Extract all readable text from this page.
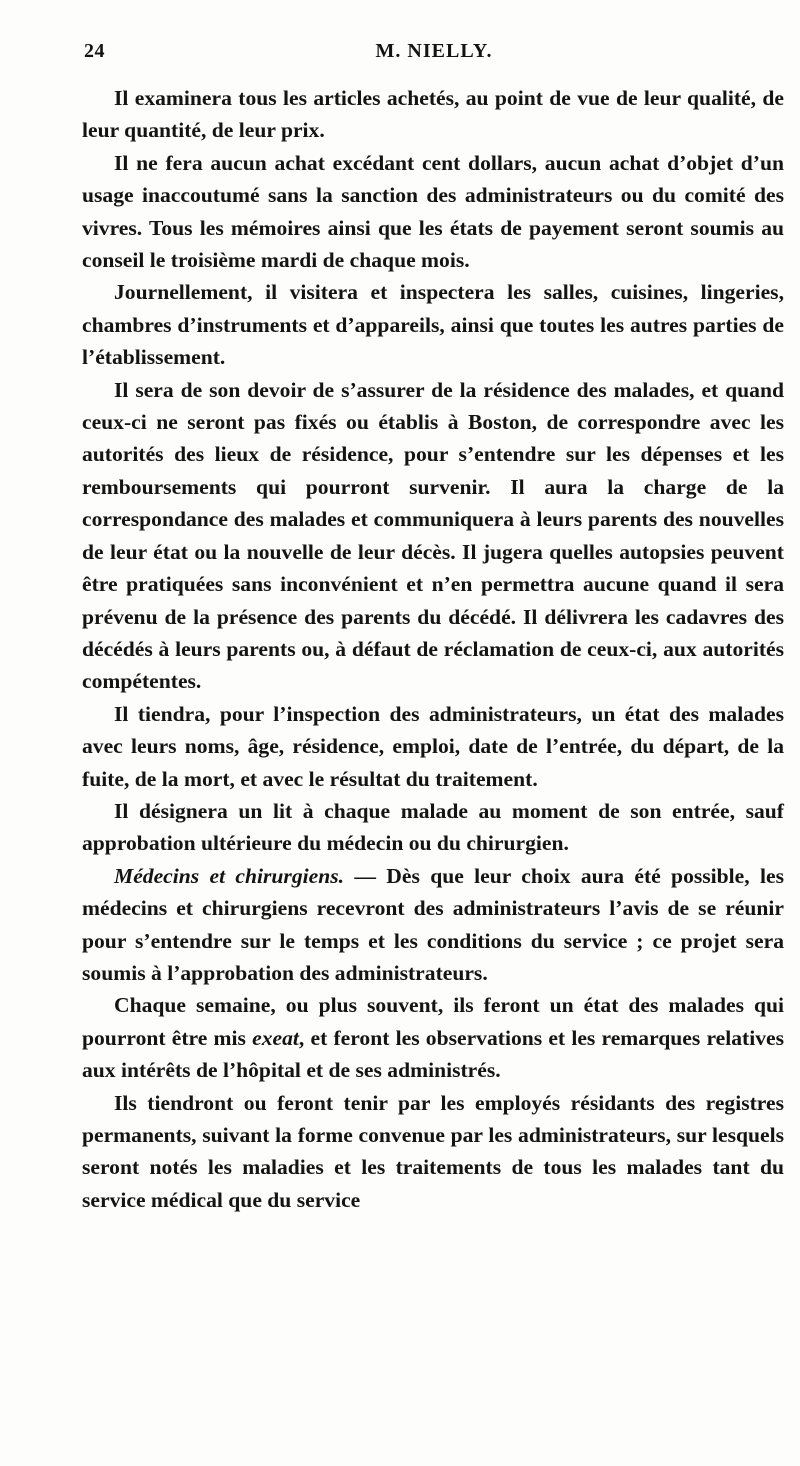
24	M. NIELLY.

Il examinera tous les articles achetés, au point de vue de leur qualité, de leur quantité, de leur prix.

Il ne fera aucun achat excédant cent dollars, aucun achat d’objet d’un usage inaccoutumé sans la sanction des administrateurs ou du comité des vivres. Tous les mémoires ainsi que les états de payement seront soumis au conseil le troisième mardi de chaque mois.

Journellement, il visitera et inspectera les salles, cuisines, lingeries, chambres d’instruments et d’appareils, ainsi que toutes les autres parties de l’établissement.

Il sera de son devoir de s’assurer de la résidence des malades, et quand ceux-ci ne seront pas fixés ou établis à Boston, de correspondre avec les autorités des lieux de résidence, pour s’entendre sur les dépenses et les remboursements qui pourront survenir. Il aura la charge de la correspondance des malades et communiquera à leurs parents des nouvelles de leur état ou la nouvelle de leur décès. Il jugera quelles autopsies peuvent être pratiquées sans inconvénient et n’en permettra aucune quand il sera prévenu de la présence des parents du décédé. Il délivrera les cadavres des décédés à leurs parents ou, à défaut de réclamation de ceux-ci, aux autorités compétentes.

Il tiendra, pour l’inspection des administrateurs, un état des malades avec leurs noms, âge, résidence, emploi, date de l’entrée, du départ, de la fuite, de la mort, et avec le résultat du traitement.

Il désignera un lit à chaque malade au moment de son entrée, sauf approbation ultérieure du médecin ou du chirurgien.

Médecins et chirurgiens. — Dès que leur choix aura été possible, les médecins et chirurgiens recevront des administrateurs l’avis de se réunir pour s’entendre sur le temps et les conditions du service ; ce projet sera soumis à l’approbation des administrateurs.

Chaque semaine, ou plus souvent, ils feront un état des malades qui pourront être mis exeat, et feront les observations et les remarques relatives aux intérêts de l’hôpital et de ses administrés.

Ils tiendront ou feront tenir par les employés résidants des registres permanents, suivant la forme convenue par les administrateurs, sur lesquels seront notés les maladies et les traitements de tous les malades tant du service médical que du service
